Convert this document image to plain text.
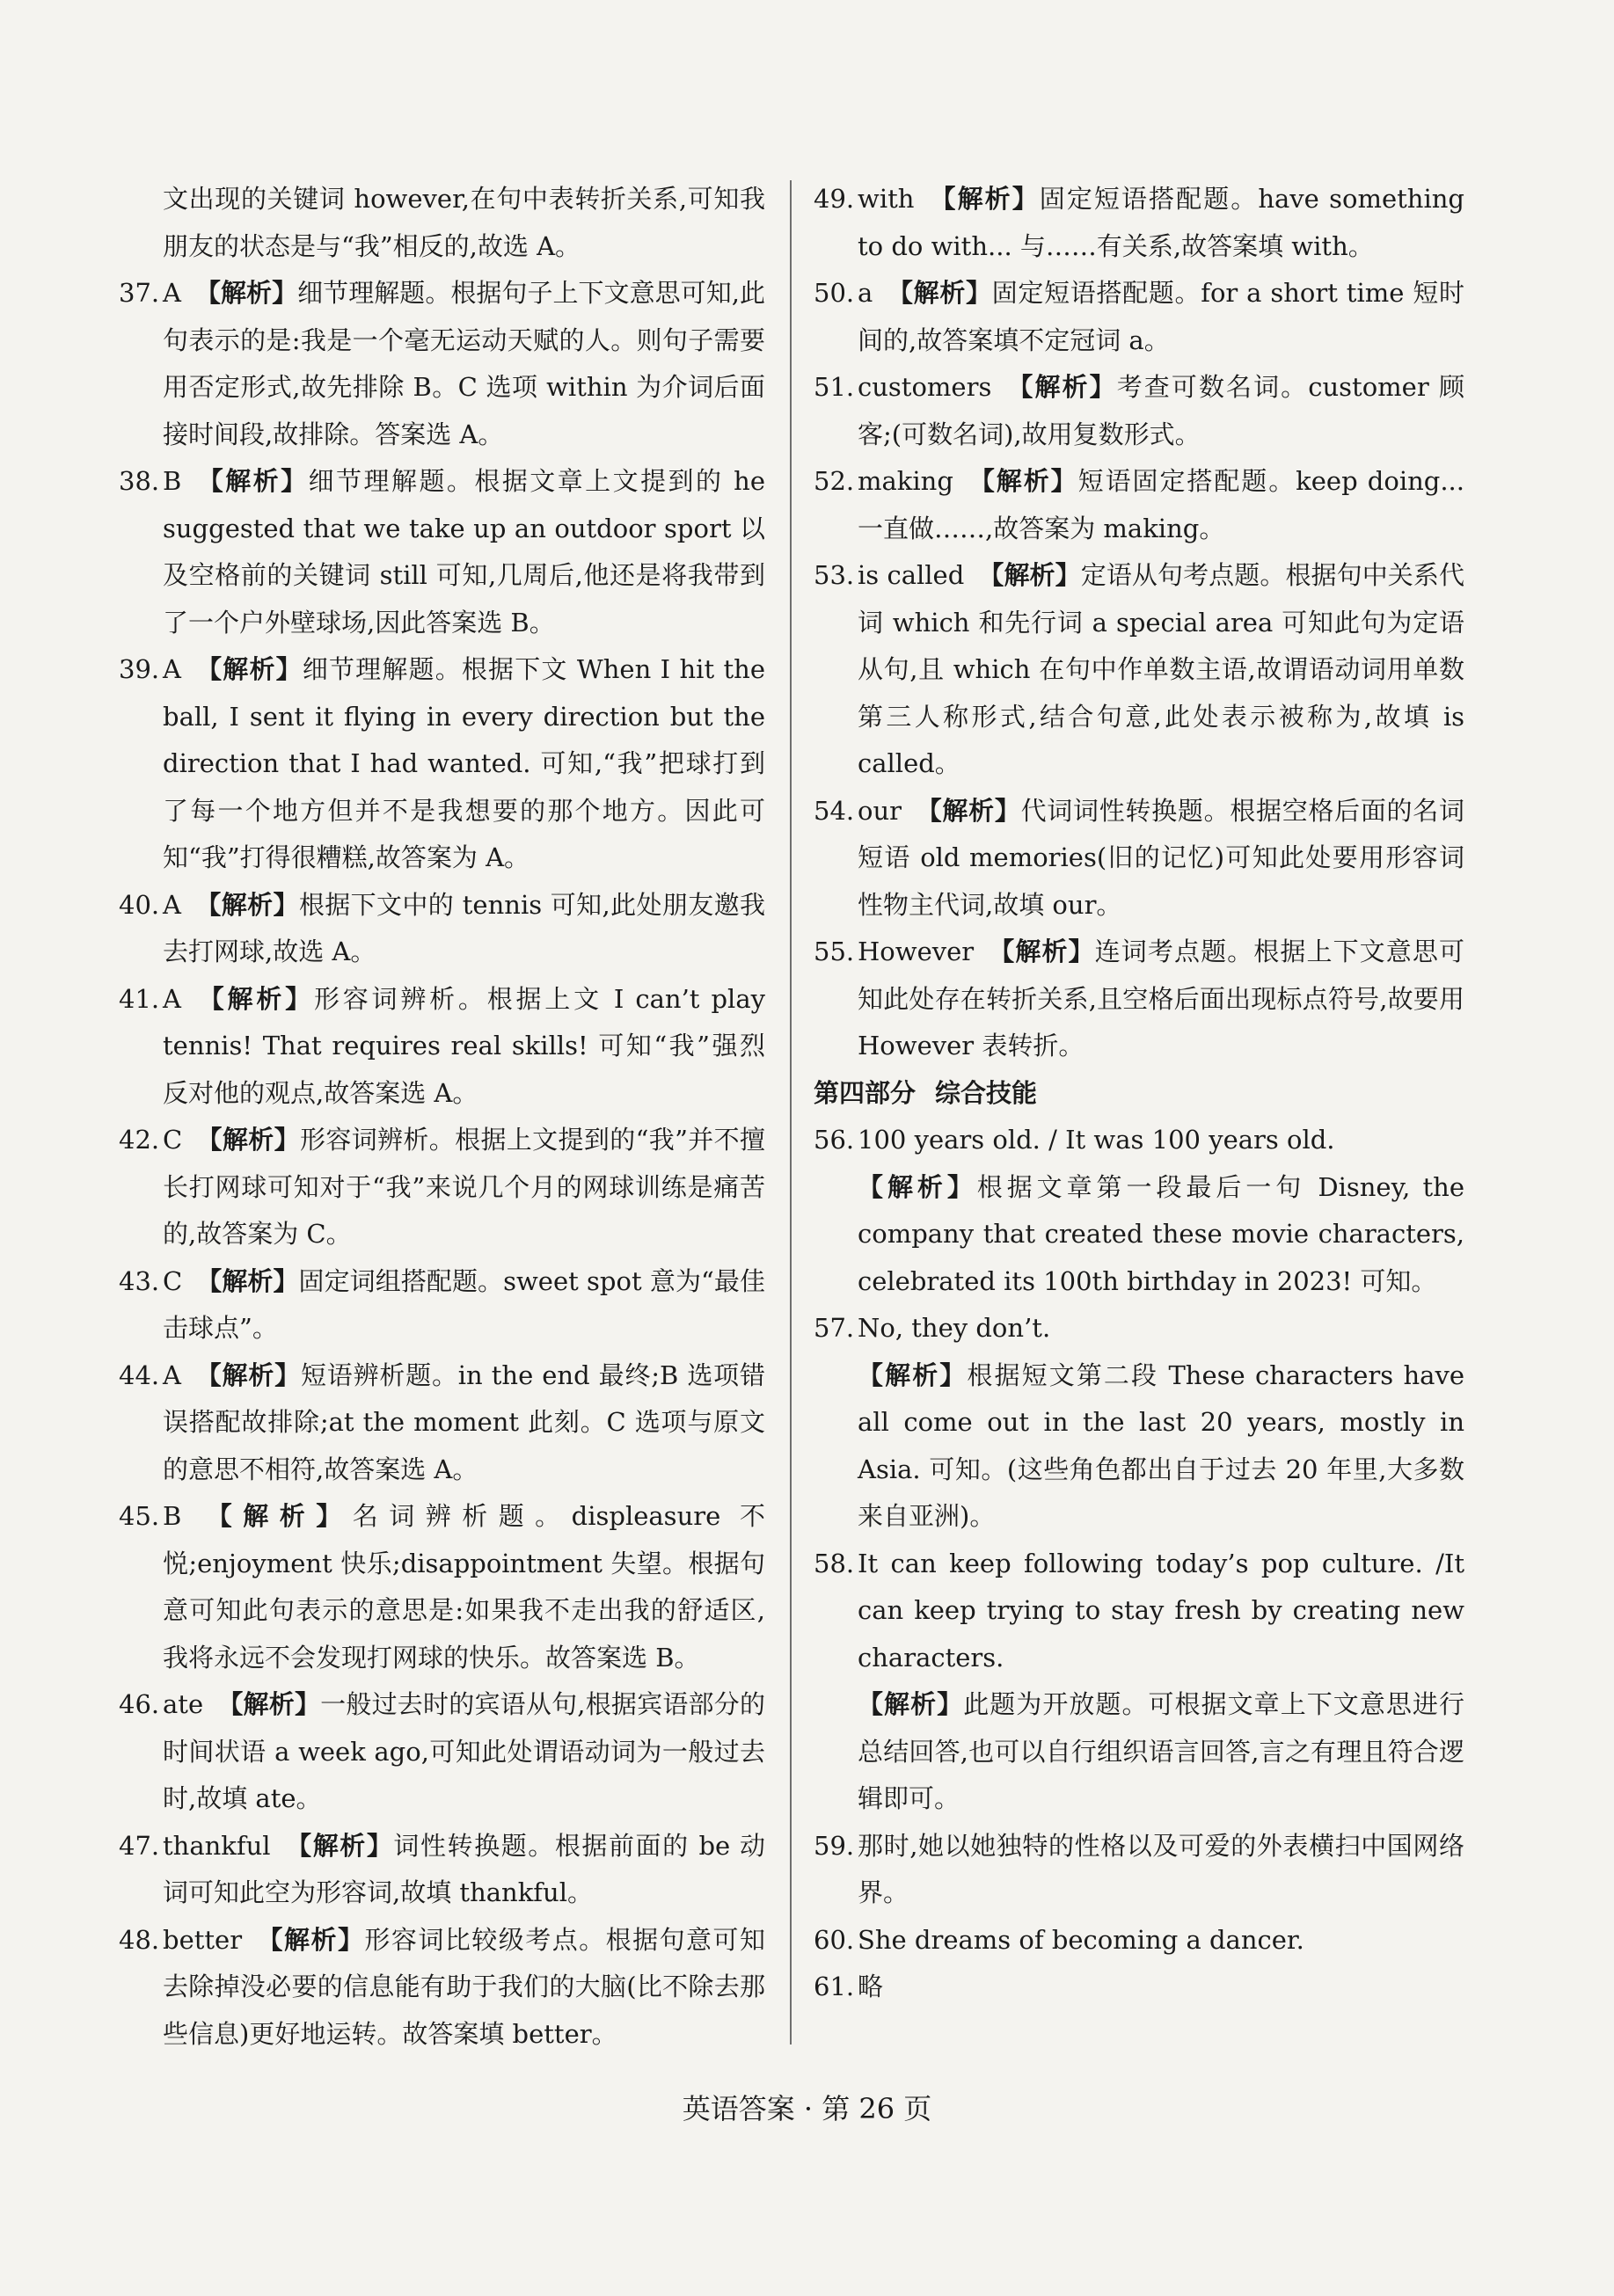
文出现的关键词 however,在句中表转折关系,可知我朋友的状态是与“我”相反的,故选 A。
37. A 【解析】细节理解题。根据句子上下文意思可知,此句表示的是:我是一个毫无运动天赋的人。则句子需要用否定形式,故先排除 B。C 选项 within 为介词后面接时间段,故排除。答案选 A。
38. B 【解析】细节理解题。根据文章上文提到的 he suggested that we take up an outdoor sport 以及空格前的关键词 still 可知,几周后,他还是将我带到了一个户外壁球场,因此答案选 B。
39. A 【解析】细节理解题。根据下文 When I hit the ball, I sent it flying in every direction but the direction that I had wanted. 可知,“我”把球打到了每一个地方但并不是我想要的那个地方。因此可知“我”打得很糟糕,故答案为 A。
40. A 【解析】根据下文中的 tennis 可知,此处朋友邀我去打网球,故选 A。
41. A 【解析】形容词辨析。根据上文 I can’t play tennis! That requires real skills! 可知“我”强烈反对他的观点,故答案选 A。
42. C 【解析】形容词辨析。根据上文提到的“我”并不擅长打网球可知对于“我”来说几个月的网球训练是痛苦的,故答案为 C。
43. C 【解析】固定词组搭配题。sweet spot 意为“最佳击球点”。
44. A 【解析】短语辨析题。in the end 最终;B 选项错误搭配故排除;at the moment 此刻。C 选项与原文的意思不相符,故答案选 A。
45. B 【解析】名词辨析题。displeasure 不悦;enjoyment 快乐;disappointment 失望。根据句意可知此句表示的意思是:如果我不走出我的舒适区,我将永远不会发现打网球的快乐。故答案选 B。
46. ate 【解析】一般过去时的宾语从句,根据宾语部分的时间状语 a week ago,可知此处谓语动词为一般过去时,故填 ate。
47. thankful 【解析】词性转换题。根据前面的 be 动词可知此空为形容词,故填 thankful。
48. better 【解析】形容词比较级考点。根据句意可知去除掉没必要的信息能有助于我们的大脑(比不除去那些信息)更好地运转。故答案填 better。
49. with 【解析】固定短语搭配题。have something to do with... 与……有关系,故答案填 with。
50. a 【解析】固定短语搭配题。for a short time 短时间的,故答案填不定冠词 a。
51. customers 【解析】考查可数名词。customer 顾客;(可数名词),故用复数形式。
52. making 【解析】短语固定搭配题。keep doing... 一直做……,故答案为 making。
53. is called 【解析】定语从句考点题。根据句中关系代词 which 和先行词 a special area 可知此句为定语从句,且 which 在句中作单数主语,故谓语动词用单数第三人称形式,结合句意,此处表示被称为,故填 is called。
54. our 【解析】代词词性转换题。根据空格后面的名词短语 old memories(旧的记忆)可知此处要用形容词性物主代词,故填 our。
55. However 【解析】连词考点题。根据上下文意思可知此处存在转折关系,且空格后面出现标点符号,故要用 However 表转折。
第四部分 综合技能
56. 100 years old. / It was 100 years old.
【解析】根据文章第一段最后一句 Disney, the company that created these movie characters, celebrated its 100th birthday in 2023! 可知。
57. No, they don’t.
【解析】根据短文第二段 These characters have all come out in the last 20 years, mostly in Asia. 可知。(这些角色都出自于过去 20 年里,大多数来自亚洲)。
58. It can keep following today’s pop culture. /It can keep trying to stay fresh by creating new characters.
【解析】此题为开放题。可根据文章上下文意思进行总结回答,也可以自行组织语言回答,言之有理且符合逻辑即可。
59. 那时,她以她独特的性格以及可爱的外表横扫中国网络界。
60. She dreams of becoming a dancer.
61. 略
英语答案 · 第 26 页
